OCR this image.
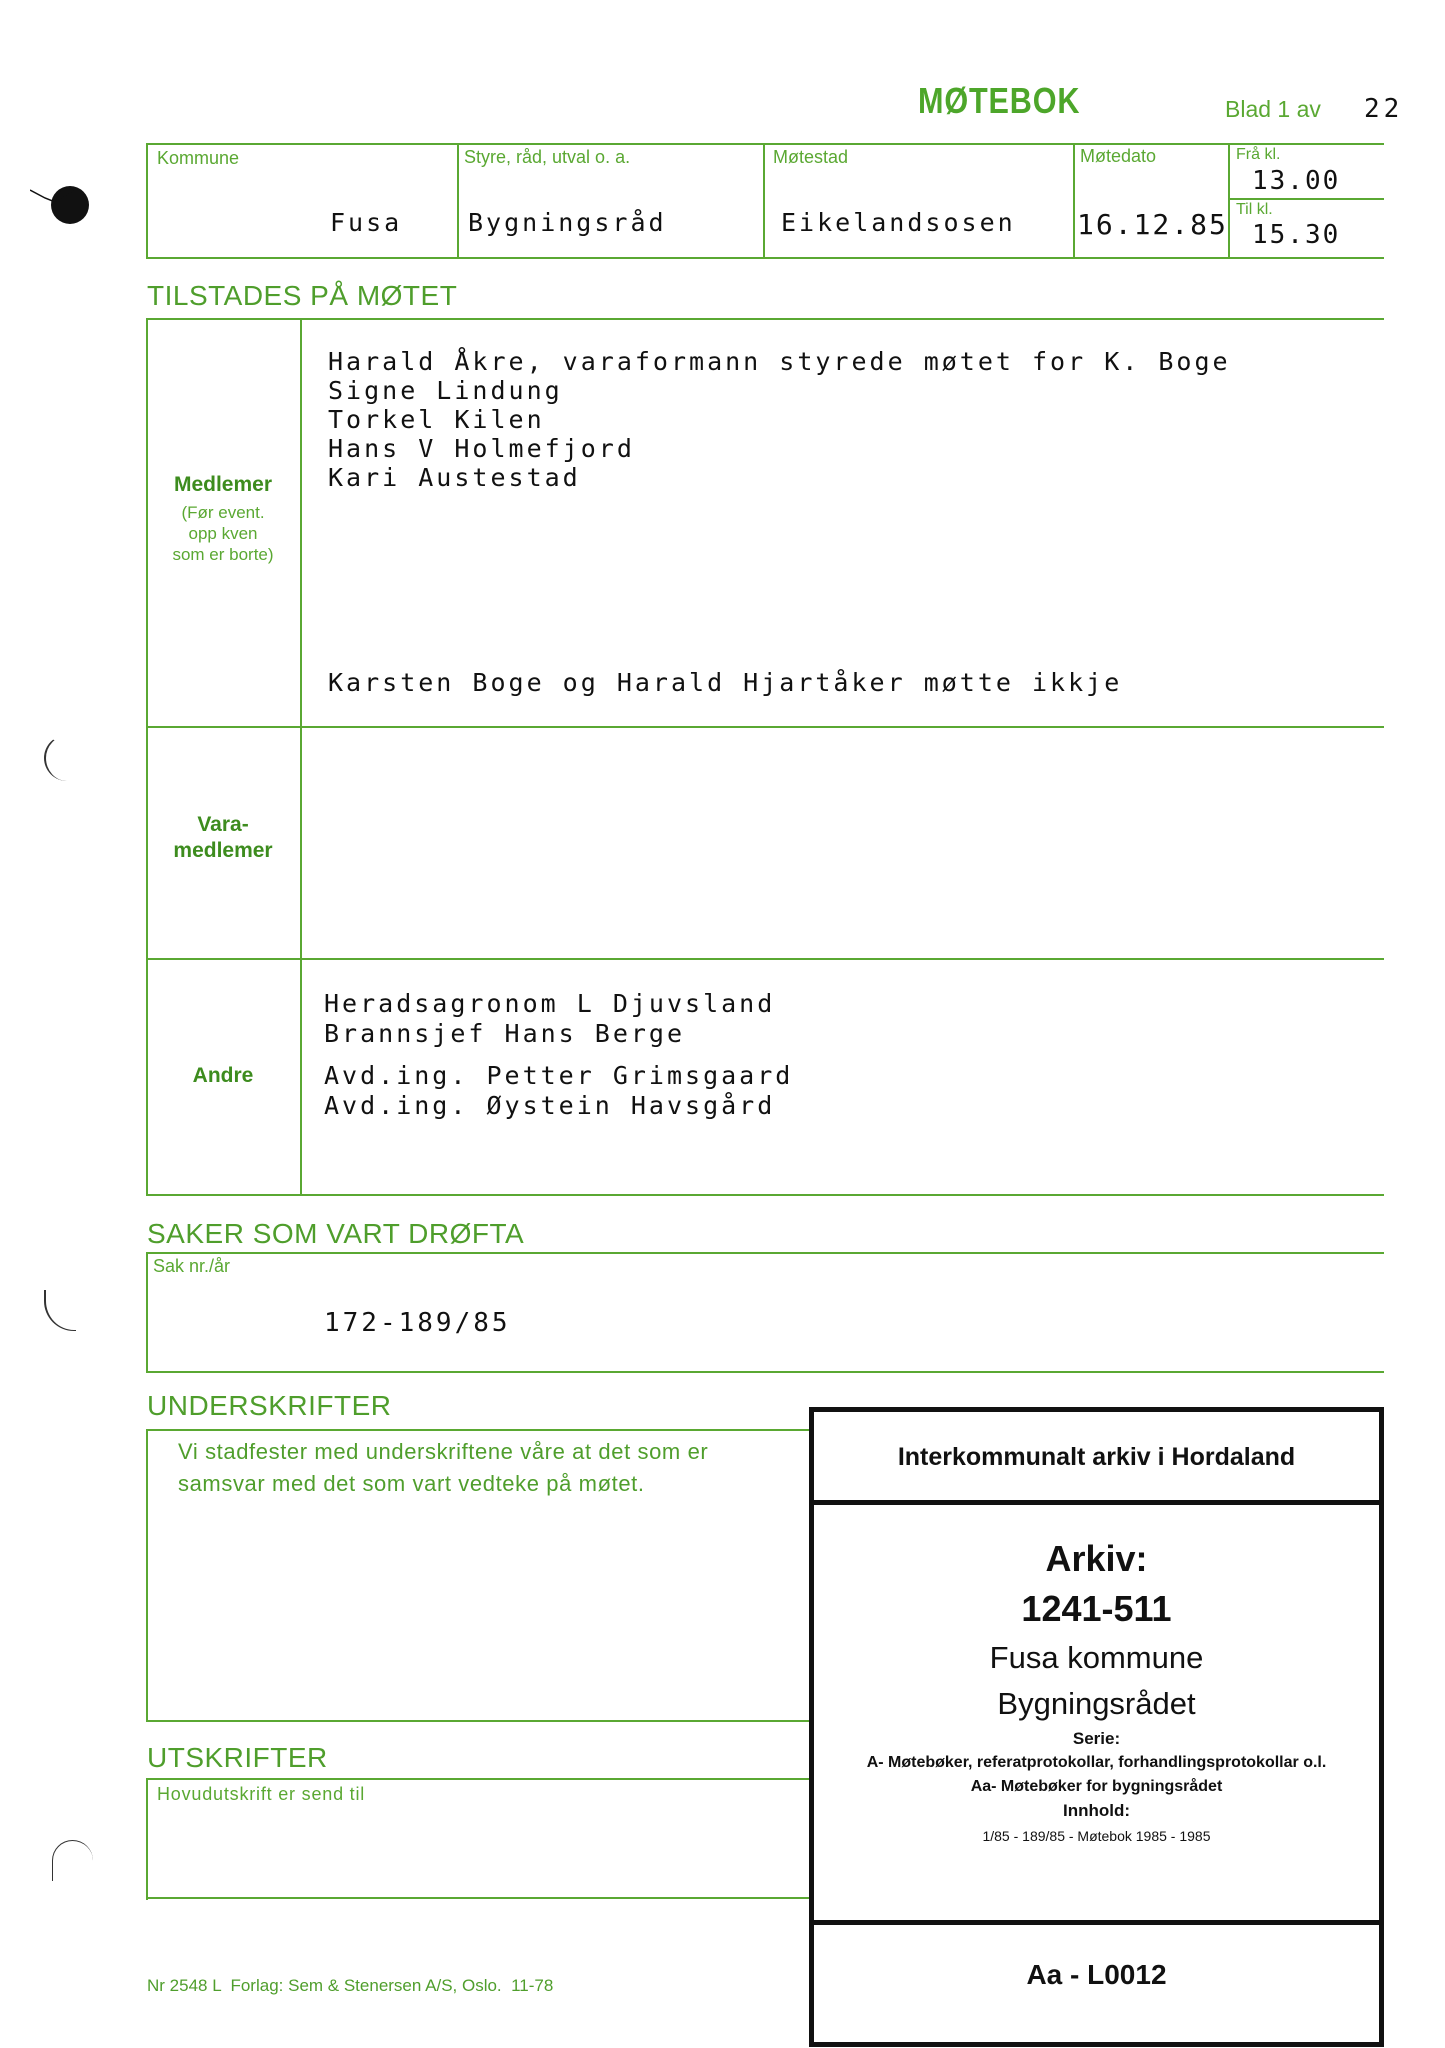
MØTEBOK	Blad 1 av 22
Kommune
Fusa
Styre, råd, utval o. a.
Bygningsråd
Møtestad
Eikelandsosen
Møtedato
16.12.85
Frå kl.
13.00
Til kl.
15.30
TILSTADES PÅ MØTET
Medlemer
(Før event.
opp kven
som er borte)
Harald Åkre, varaformann styrede møtet for K. Boge
Signe Lindung
Torkel Kilen
Hans V Holmefjord
Kari Austestad
Karsten Boge og Harald Hjartåker møtte ikkje
Vara-
medlemer
Andre
Heradsagronom L Djuvsland
Brannsjef Hans Berge
Avd.ing. Petter Grimsgaard
Avd.ing. Øystein Havsgård
SAKER SOM VART DRØFTA
Sak nr./år
172-189/85
UNDERSKRIFTER
Vi stadfester med underskriftene våre at det som er
samsvar med det som vart vedteke på møtet.
UTSKRIFTER
Hovudutskrift er send til
Nr 2548 L  Forlag: Sem & Stenersen A/S, Oslo.  11-78
Interkommunalt arkiv i Hordaland
Arkiv:
1241-511
Fusa kommune
Bygningsrådet
Serie:
A- Møtebøker, referatprotokollar, forhandlingsprotokollar o.l.
Aa- Møtebøker for bygningsrådet
Innhold:
1/85 - 189/85 - Møtebok 1985 - 1985
Aa - L0012
